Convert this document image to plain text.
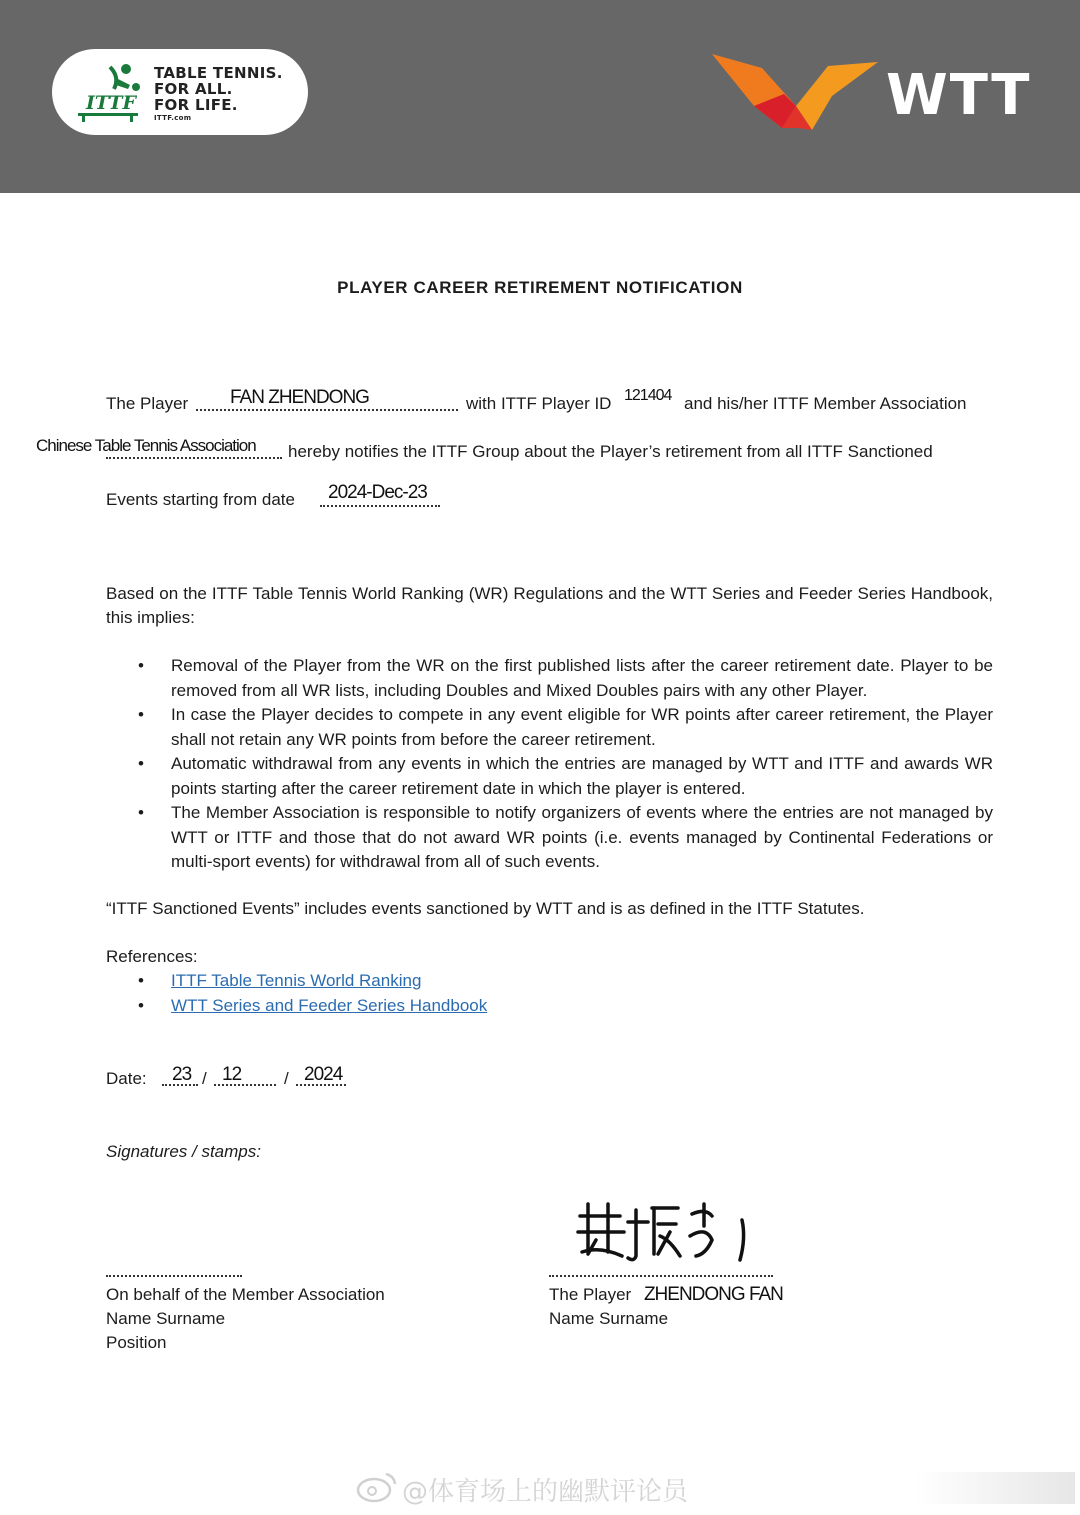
ITTF
TABLE TENNIS.
FOR ALL.
FOR LIFE.
ITTF.com	WTT
PLAYER CAREER RETIREMENT NOTIFICATION
The Player FAN ZHENDONG	with ITTF Player ID 121404 and his/her ITTF Member Association
Chinese Table Tennis Association hereby notifies the ITTF Group about the Player’s retirement from all ITTF Sanctioned
Events starting from date 2024-Dec-23
Based on the ITTF Table Tennis World Ranking (WR) Regulations and the WTT Series and Feeder Series Handbook, this implies:
• Removal of the Player from the WR on the first published lists after the career retirement date. Player to be removed from all WR lists, including Doubles and Mixed Doubles pairs with any other Player.
• In case the Player decides to compete in any event eligible for WR points after career retirement, the Player shall not retain any WR points from before the career retirement.
• Automatic withdrawal from any events in which the entries are managed by WTT and ITTF and awards WR points starting after the career retirement date in which the player is entered.
• The Member Association is responsible to notify organizers of events where the entries are not managed by WTT or ITTF and those that do not award WR points (i.e. events managed by Continental Federations or multi-sport events) for withdrawal from all of such events.
“ITTF Sanctioned Events” includes events sanctioned by WTT and is as defined in the ITTF Statutes.
References:
• ITTF Table Tennis World Ranking
• WTT Series and Feeder Series Handbook
Date: 23 / 12	/ 2024
Signatures / stamps:
On behalf of the Member Association
Name Surname
Position
The Player ZHENDONG FAN
Name Surname
@体育场上的幽默评论员
